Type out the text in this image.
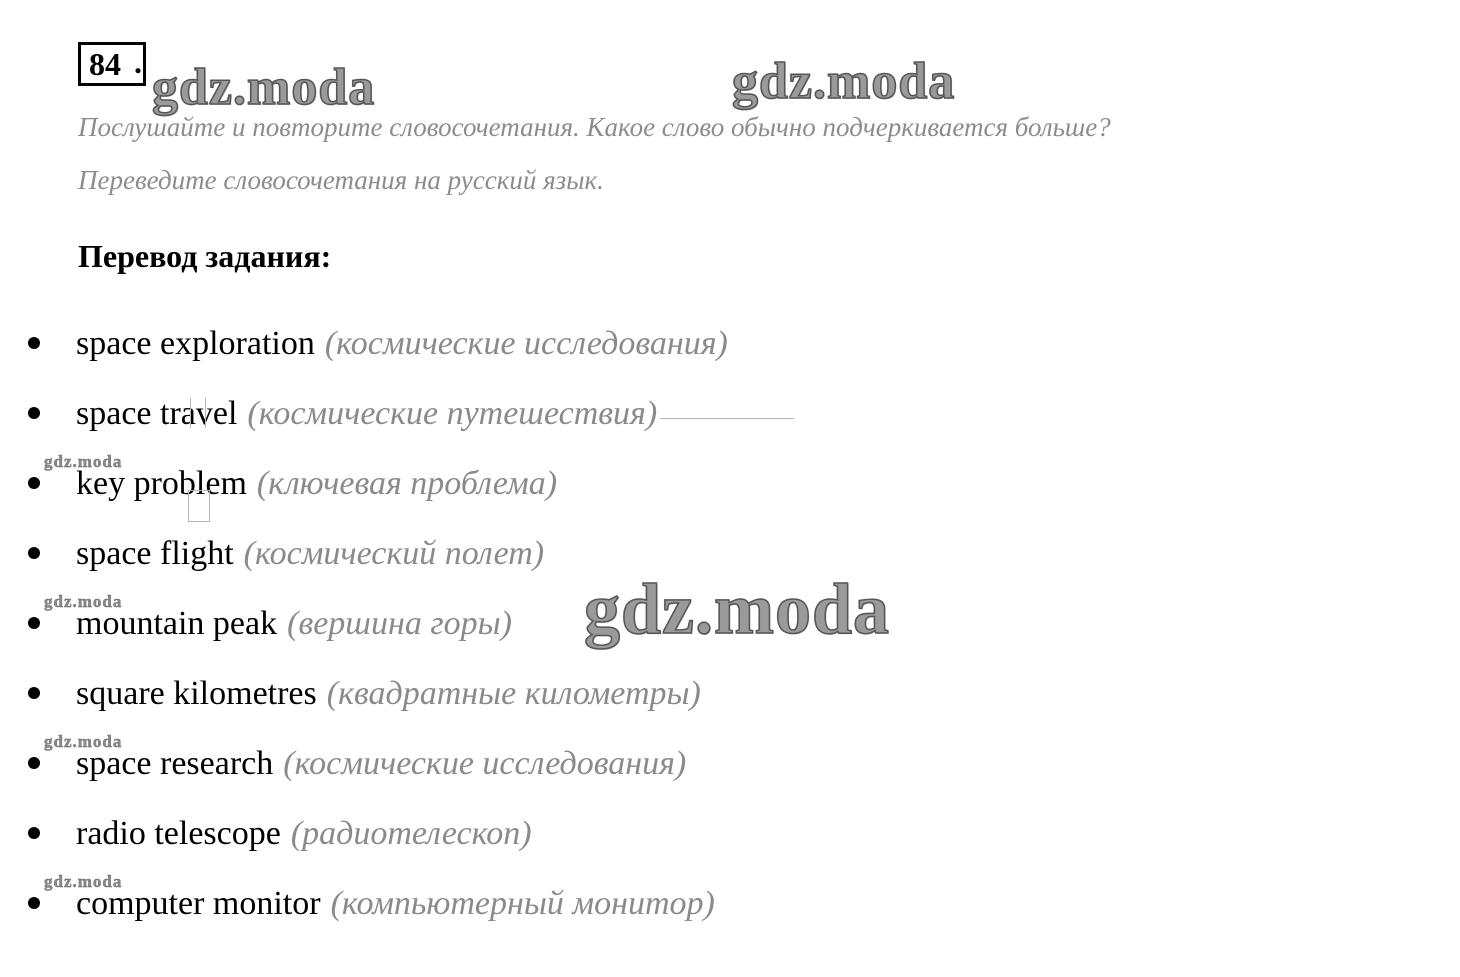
84 . gdz.moda	gdz.moda
Послушайте и повторите словосочетания. Какое слово обычно подчеркивается больше?
Переведите словосочетания на русский язык.
Перевод задания:
space exploration (космические исследования)
space travel (космические путешествия)
key problem (ключевая проблема)
space flight (космический полет)
mountain peak (вершина горы)
square kilometres (квадратные километры)
space research (космические исследования)
radio telescope (радиотелескоп)
computer monitor (компьютерный монитор)
gdz.moda
gdz.moda
gdz.moda
gdz.moda
gdz.moda
